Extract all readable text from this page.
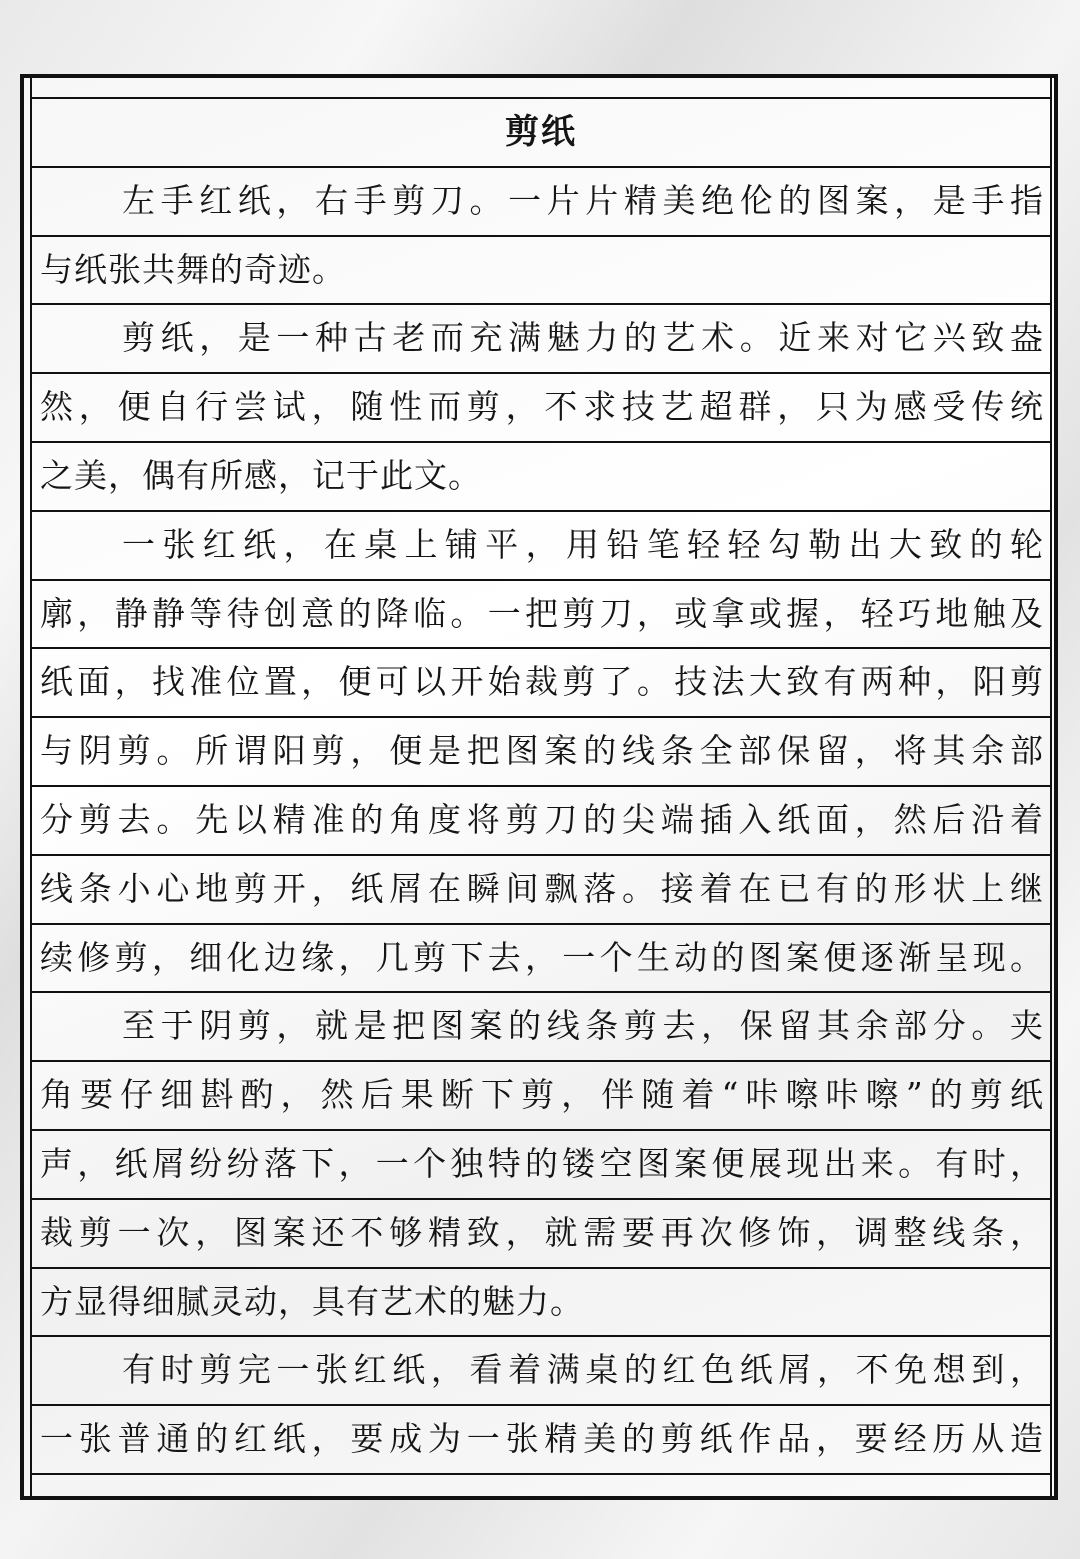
剪纸
左手红纸，右手剪刀。一片片精美绝伦的图案，是手指
与纸张共舞的奇迹。
剪纸，是一种古老而充满魅力的艺术。近来对它兴致盎
然，便自行尝试，随性而剪，不求技艺超群，只为感受传统
之美，偶有所感，记于此文。
一张红纸，在桌上铺平，用铅笔轻轻勾勒出大致的轮
廓，静静等待创意的降临。一把剪刀，或拿或握，轻巧地触及
纸面，找准位置，便可以开始裁剪了。技法大致有两种，阳剪
与阴剪。所谓阳剪，便是把图案的线条全部保留，将其余部
分剪去。先以精准的角度将剪刀的尖端插入纸面，然后沿着
线条小心地剪开，纸屑在瞬间飘落。接着在已有的形状上继
续修剪，细化边缘，几剪下去，一个生动的图案便逐渐呈现。
至于阴剪，就是把图案的线条剪去，保留其余部分。夹
角要仔细斟酌，然后果断下剪，伴随着“咔嚓咔嚓”的剪纸
声，纸屑纷纷落下，一个独特的镂空图案便展现出来。有时，
裁剪一次，图案还不够精致，就需要再次修饰，调整线条，
方显得细腻灵动，具有艺术的魅力。
有时剪完一张红纸，看着满桌的红色纸屑，不免想到，
一张普通的红纸，要成为一张精美的剪纸作品，要经历从造
